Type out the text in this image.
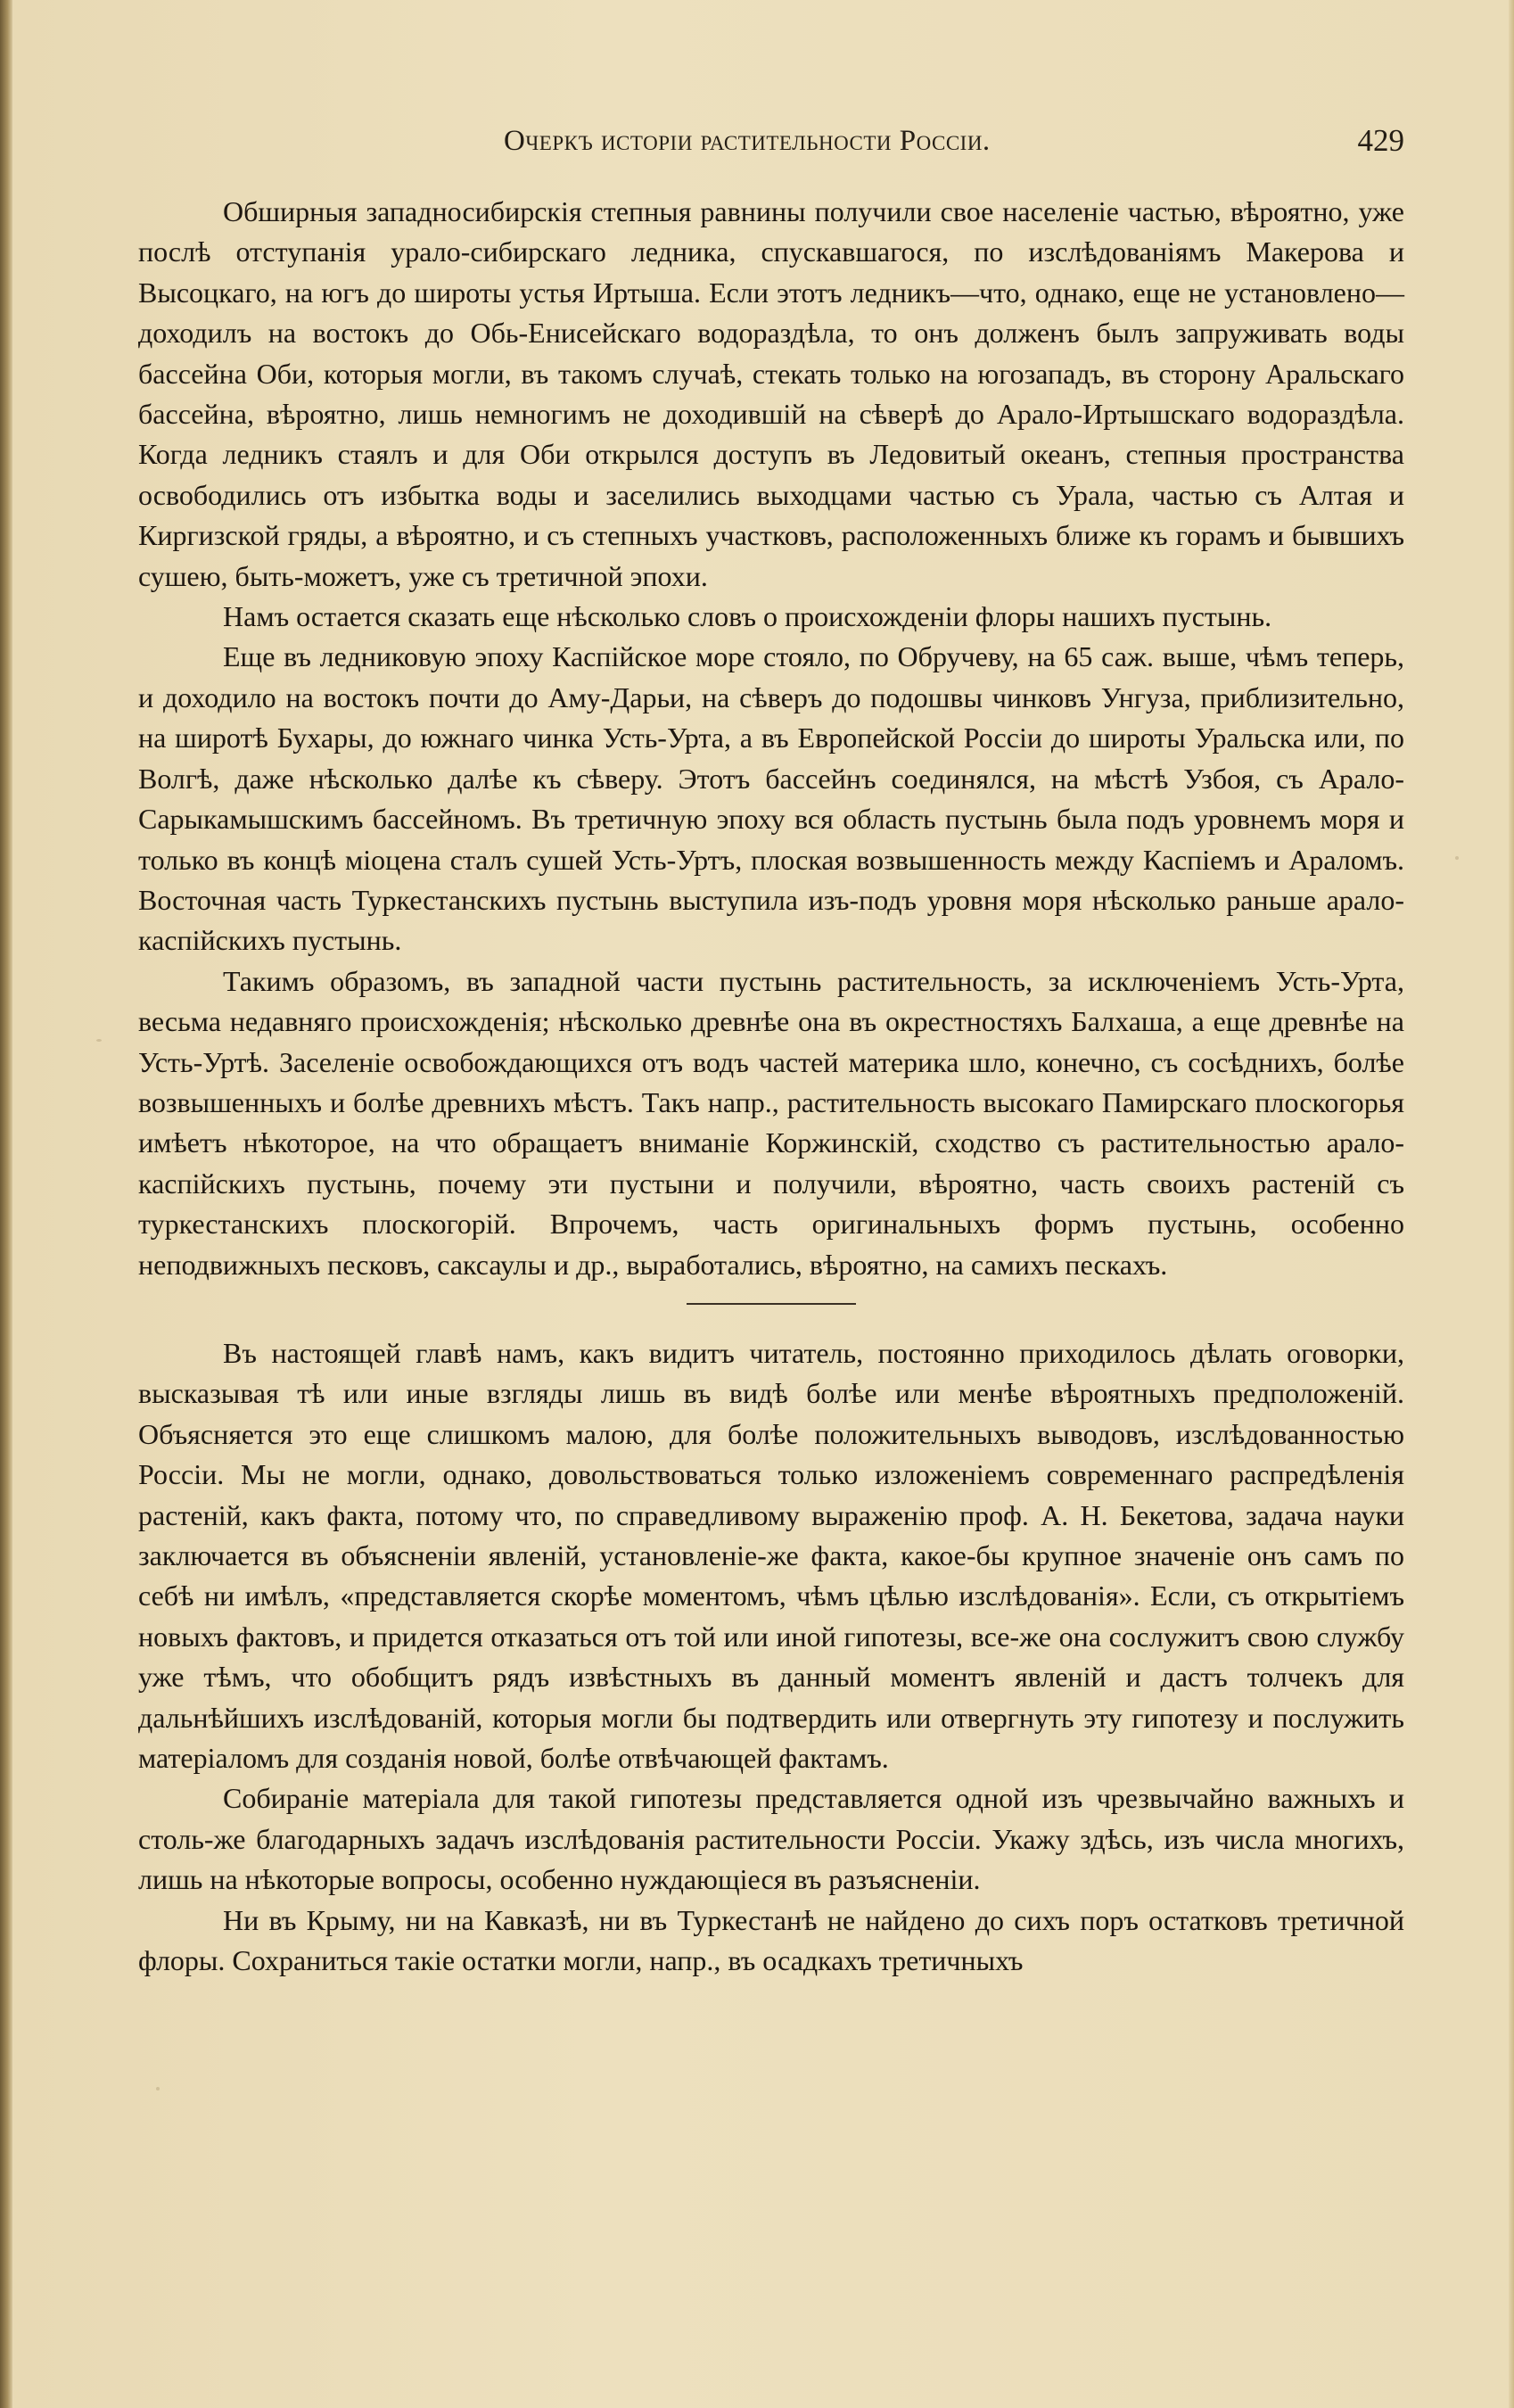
Очеркъ исторіи растительности Россіи.	429

Обширныя западносибирскія степныя равнины получили свое населеніе частью, вѣроятно, уже послѣ отступанія урало-сибирскаго ледника, спускавшагося, по изслѣдованіямъ Макерова и Высоцкаго, на югъ до широты устья Иртыша. Если этотъ ледникъ—что, однако, еще не установлено—доходилъ на востокъ до Обь-Енисейскаго водораздѣла, то онъ долженъ былъ запруживать воды бассейна Оби, которыя могли, въ такомъ случаѣ, стекать только на югозападъ, въ сторону Аральскаго бассейна, вѣроятно, лишь немногимъ не доходившій на сѣверѣ до Арало-Иртышскаго водораздѣла. Когда ледникъ стаялъ и для Оби открылся доступъ въ Ледовитый океанъ, степныя пространства освободились отъ избытка воды и заселились выходцами частью съ Урала, частью съ Алтая и Киргизской гряды, а вѣроятно, и съ степныхъ участковъ, расположенныхъ ближе къ горамъ и бывшихъ сушею, быть-можетъ, уже съ третичной эпохи.

Намъ остается сказать еще нѣсколько словъ о происхожденіи флоры нашихъ пустынь.

Еще въ ледниковую эпоху Каспійское море стояло, по Обручеву, на 65 саж. выше, чѣмъ теперь, и доходило на востокъ почти до Аму-Дарьи, на сѣверъ до подошвы чинковъ Унгуза, приблизительно, на широтѣ Бухары, до южнаго чинка Усть-Урта, а въ Европейской Россіи до широты Уральска или, по Волгѣ, даже нѣсколько далѣе къ сѣверу. Этотъ бассейнъ соединялся, на мѣстѣ Узбоя, съ Арало-Сарыкамышскимъ бассейномъ. Въ третичную эпоху вся область пустынь была подъ уровнемъ моря и только въ концѣ міоцена сталъ сушей Усть-Уртъ, плоская возвышенность между Каспіемъ и Араломъ. Восточная часть Туркестанскихъ пустынь выступила изъ-подъ уровня моря нѣсколько раньше арало-каспійскихъ пустынь.

Такимъ образомъ, въ западной части пустынь растительность, за исключеніемъ Усть-Урта, весьма недавняго происхожденія; нѣсколько древнѣе она въ окрестностяхъ Балхаша, а еще древнѣе на Усть-Уртѣ. Заселеніе освобождающихся отъ водъ частей материка шло, конечно, съ сосѣднихъ, болѣе возвышенныхъ и болѣе древнихъ мѣстъ. Такъ напр., растительность высокаго Памирскаго плоскогорья имѣетъ нѣкоторое, на что обращаетъ вниманіе Коржинскій, сходство съ растительностью арало-каспійскихъ пустынь, почему эти пустыни и получили, вѣроятно, часть своихъ растеній съ туркестанскихъ плоскогорій. Впрочемъ, часть оригинальныхъ формъ пустынь, особенно неподвижныхъ песковъ, саксаулы и др., выработались, вѣроятно, на самихъ пескахъ.

Въ настоящей главѣ намъ, какъ видитъ читатель, постоянно приходилось дѣлать оговорки, высказывая тѣ или иные взгляды лишь въ видѣ болѣе или менѣе вѣроятныхъ предположеній. Объясняется это еще слишкомъ малою, для болѣе положительныхъ выводовъ, изслѣдованностью Россіи. Мы не могли, однако, довольствоваться только изложеніемъ современнаго распредѣленія растеній, какъ факта, потому что, по справедливому выраженію проф. А. Н. Бекетова, задача науки заключается въ объясненіи явленій, установленіе-же факта, какое-бы крупное значеніе онъ самъ по себѣ ни имѣлъ, «представляется скорѣе моментомъ, чѣмъ цѣлью изслѣдованія». Если, съ открытіемъ новыхъ фактовъ, и придется отказаться отъ той или иной гипотезы, все-же она сослужитъ свою службу уже тѣмъ, что обобщитъ рядъ извѣстныхъ въ данный моментъ явленій и дастъ толчекъ для дальнѣйшихъ изслѣдованій, которыя могли бы подтвердить или отвергнуть эту гипотезу и послужить матеріаломъ для созданія новой, болѣе отвѣчающей фактамъ.

Собираніе матеріала для такой гипотезы представляется одной изъ чрезвычайно важныхъ и столь-же благодарныхъ задачъ изслѣдованія растительности Россіи. Укажу здѣсь, изъ числа многихъ, лишь на нѣкоторые вопросы, особенно нуждающіеся въ разъясненіи.

Ни въ Крыму, ни на Кавказѣ, ни въ Туркестанѣ не найдено до сихъ поръ остатковъ третичной флоры. Сохраниться такіе остатки могли, напр., въ осадкахъ третичныхъ
